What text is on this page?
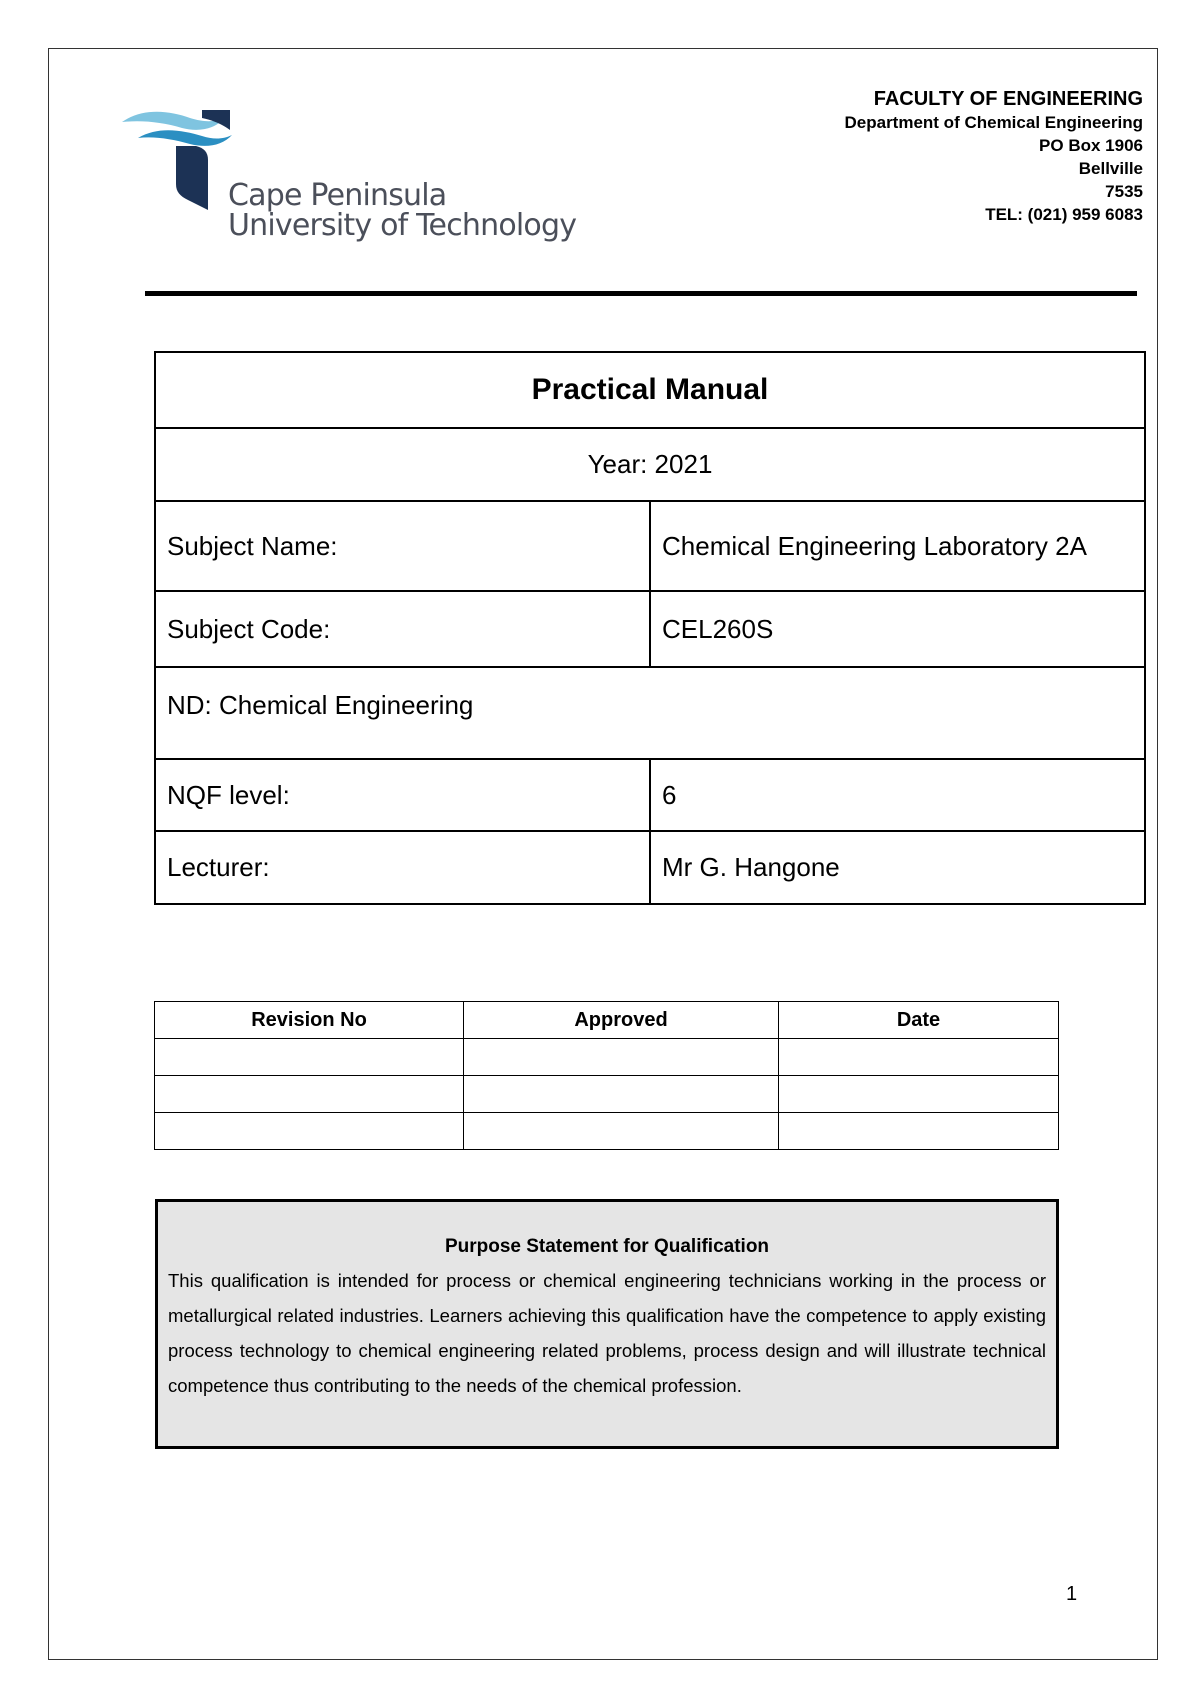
Cape Peninsula
University of Technology
FACULTY OF ENGINEERING
Department of Chemical Engineering
PO Box 1906
Bellville
7535
TEL: (021) 959 6083
Practical Manual	
Year: 2021	
Subject Name:	Chemical Engineering Laboratory 2A
Subject Code:	CEL260S
ND: Chemical Engineering	
NQF level:	6
Lecturer:	Mr G. Hangone
Revision No	Approved	Date

Purpose Statement for Qualification

This qualification is intended for process or chemical engineering technicians working in the process or metallurgical related industries. Learners achieving this qualification have the competence to apply existing process technology to chemical engineering related problems, process design and will illustrate technical competence thus contributing to the needs of the chemical profession.

1
